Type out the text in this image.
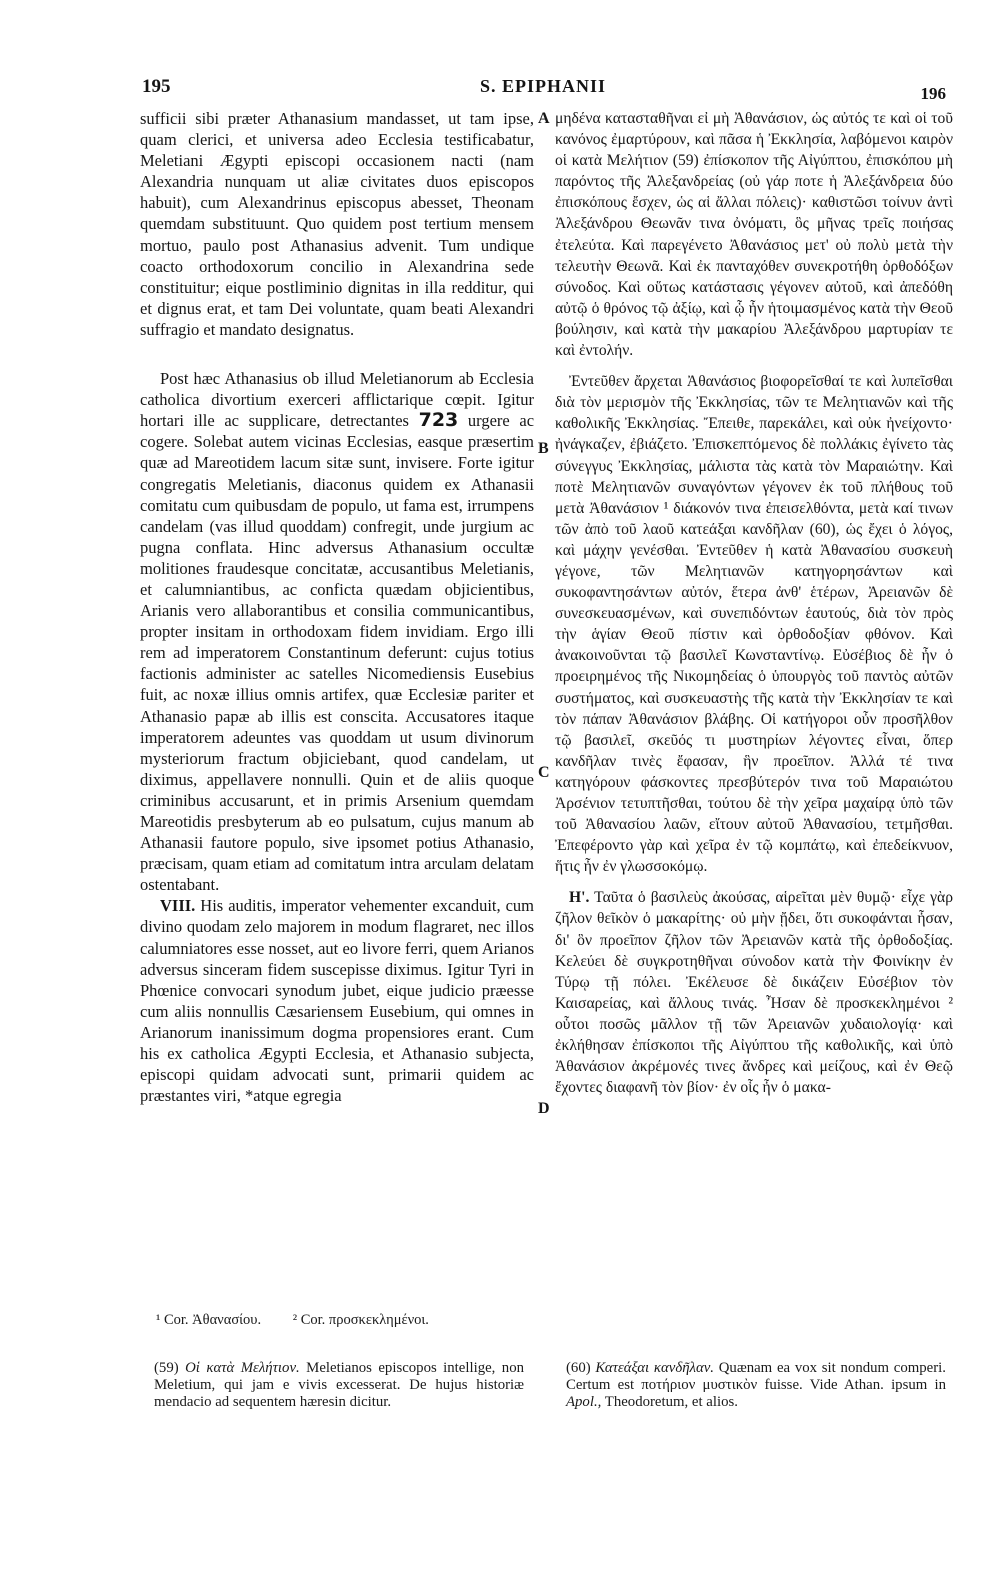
195	S. EPIPHANII	196

sufficii sibi præter Athanasium mandasset, ut tam ipse, quam clerici, et universa adeo Ecclesia testificabatur, Meletiani Ægypti episcopi occasionem nacti (nam Alexandria nunquam ut aliæ civitates duos episcopos habuit), cum Alexandrinus episcopus abesset, Theonam quemdam substituunt. Quo quidem post tertium mensem mortuo, paulo post Athanasius advenit. Tum undique coacto orthodoxorum concilio in Alexandrina sede constituitur; eique postliminio dignitas in illa redditur, qui et dignus erat, et tam Dei voluntate, quam beati Alexandri suffragio et mandato designatus.

Post hæc Athanasius ob illud Meletianorum ab Ecclesia catholica divortium exerceri afflictarique cœpit. Igitur hortari ille ac supplicare, detrectantes 723 urgere ac cogere. Solebat autem vicinas Ecclesias, easque præsertim quæ ad Mareotidem lacum sitæ sunt, invisere. Forte igitur congregatis Meletianis, diaconus quidem ex Athanasii comitatu cum quibusdam de populo, ut fama est, irrumpens candelam (vas illud quoddam) confregit, unde jurgium ac pugna conflata. Hinc adversus Athanasium occultæ molitiones fraudesque concitatæ, accusantibus Meletianis, et calumniantibus, ac conficta quædam objicientibus, Arianis vero allaborantibus et consilia communicantibus, propter insitam in orthodoxam fidem invidiam. Ergo illi rem ad imperatorem Constantinum deferunt: cujus totius factionis administer ac satelles Nicomediensis Eusebius fuit, ac noxæ illius omnis artifex, quæ Ecclesiæ pariter et Athanasio papæ ab illis est conscita. Accusatores itaque imperatorem adeuntes vas quoddam ut usum divinorum mysteriorum fractum objiciebant, quod candelam, ut diximus, appellavere nonnulli. Quin et de aliis quoque criminibus accusarunt, et in primis Arsenium quemdam Mareotidis presbyterum ab eo pulsatum, cujus manum ab Athanasii fautore populo, sive ipsomet potius Athanasio, præcisam, quam etiam ad comitatum intra arculam delatam ostentabant.

VIII. His auditis, imperator vehementer excanduit, cum divino quodam zelo majorem in modum flagraret, nec illos calumniatores esse nosset, aut eo livore ferri, quem Arianos adversus sinceram fidem suscepisse diximus. Igitur Tyri in Phœnice convocari synodum jubet, eique judicio præesse cum aliis nonnullis Cæsariensem Eusebium, qui omnes in Arianorum inanissimum dogma propensiores erant. Cum his ex catholica Ægypti Ecclesia, et Athanasio subjecta, episcopi quidam advocati sunt, primarii quidem ac præstantes viri, *atque egregia

A
B
C
D

μηδένα κατασταθῆναι εἰ μὴ Ἀθανάσιον, ὡς αὐτός τε καὶ οἱ τοῦ κανόνος ἐμαρτύρουν, καὶ πᾶσα ἡ Ἐκκλησία, λαβόμενοι καιρὸν οἱ κατὰ Μελήτιον (59) ἐπίσκοπον τῆς Αἰγύπτου, ἐπισκόπου μὴ παρόντος τῆς Ἀλεξανδρείας (οὐ γάρ ποτε ἡ Ἀλεξάνδρεια δύο ἐπισκόπους ἔσχεν, ὡς αἱ ἄλλαι πόλεις)· καθιστῶσι τοίνυν ἀντὶ Ἀλεξάνδρου Θεωνᾶν τινα ὀνόματι, ὃς μῆνας τρεῖς ποιήσας ἐτελεύτα. Καὶ παρεγένετο Ἀθανάσιος μετ' οὐ πολὺ μετὰ τὴν τελευτὴν Θεωνᾶ. Καὶ ἐκ πανταχόθεν συνεκροτήθη ὀρθοδόξων σύνοδος. Καὶ οὕτως κατάστασις γέγονεν αὐτοῦ, καὶ ἀπεδόθη αὐτῷ ὁ θρόνος τῷ ἀξίῳ, καὶ ᾧ ἦν ἡτοιμασμένος κατὰ τὴν Θεοῦ βούλησιν, καὶ κατὰ τὴν μακαρίου Ἀλεξάνδρου μαρτυρίαν τε καὶ ἐντολήν.

Ἐντεῦθεν ἄρχεται Ἀθανάσιος βιοφορεῖσθαί τε καὶ λυπεῖσθαι διὰ τὸν μερισμὸν τῆς Ἐκκλησίας, τῶν τε Μελητιανῶν καὶ τῆς καθολικῆς Ἐκκλησίας. Ἔπειθε, παρεκάλει, καὶ οὐκ ἠνείχοντο· ἠνάγκαζεν, ἐβιάζετο. Ἐπισκεπτόμενος δὲ πολλάκις ἐγίνετο τὰς σύνεγγυς Ἐκκλησίας, μάλιστα τὰς κατὰ τὸν Μαραιώτην. Καὶ ποτὲ Μελητιανῶν συναγόντων γέγονεν ἐκ τοῦ πλήθους τοῦ μετὰ Ἀθανάσιον ¹ διάκονόν τινα ἐπεισελθόντα, μετὰ καί τινων τῶν ἀπὸ τοῦ λαοῦ κατεάξαι κανδῆλαν (60), ὡς ἔχει ὁ λόγος, καὶ μάχην γενέσθαι. Ἐντεῦθεν ἡ κατὰ Ἀθανασίου συσκευὴ γέγονε, τῶν Μελητιανῶν κατηγορησάντων καὶ συκοφαντησάντων αὐτόν, ἕτερα ἀνθ' ἑτέρων, Ἀρειανῶν δὲ συνεσκευασμένων, καὶ συνεπιδόντων ἑαυτούς, διὰ τὸν πρὸς τὴν ἁγίαν Θεοῦ πίστιν καὶ ὀρθοδοξίαν φθόνον. Καὶ ἀνακοινοῦνται τῷ βασιλεῖ Κωνσταντίνῳ. Εὐσέβιος δὲ ἦν ὁ προειρημένος τῆς Νικομηδείας ὁ ὑπουργὸς τοῦ παντὸς αὐτῶν συστήματος, καὶ συσκευαστὴς τῆς κατὰ τὴν Ἐκκλησίαν τε καὶ τὸν πάπαν Ἀθανάσιον βλάβης. Οἱ κατήγοροι οὖν προσῆλθον τῷ βασιλεῖ, σκεῦός τι μυστηρίων λέγοντες εἶναι, ὅπερ κανδῆλαν τινὲς ἔφασαν, ἣν προεῖπον. Ἀλλά τέ τινα κατηγόρουν φάσκοντες πρεσβύτερόν τινα τοῦ Μαραιώτου Ἀρσένιον τετυπτῆσθαι, τούτου δὲ τὴν χεῖρα μαχαίρᾳ ὑπὸ τῶν τοῦ Ἀθανασίου λαῶν, εἴτουν αὐτοῦ Ἀθανασίου, τετμῆσθαι. Ἐπεφέροντο γὰρ καὶ χεῖρα ἐν τῷ κομπάτῳ, καὶ ἐπεδείκνυον, ἥτις ἦν ἐν γλωσσοκόμῳ.

Η'. Ταῦτα ὁ βασιλεὺς ἀκούσας, αἱρεῖται μὲν θυμῷ· εἶχε γὰρ ζῆλον θεῖκὸν ὁ μακαρίτης· οὐ μὴν ᾔδει, ὅτι συκοφάνται ἦσαν, δι' ὃν προεῖπον ζῆλον τῶν Ἀρειανῶν κατὰ τῆς ὀρθοδοξίας. Κελεύει δὲ συγκροτηθῆναι σύνοδον κατὰ τὴν Φοινίκην ἐν Τύρῳ τῇ πόλει. Ἐκέλευσε δὲ δικάζειν Εὐσέβιον τὸν Καισαρείας, καὶ ἄλλους τινάς. Ἦσαν δὲ προσκεκλημένοι ² οὗτοι ποσῶς μᾶλλον τῇ τῶν Ἀρειανῶν χυδαιολογίᾳ· καὶ ἐκλήθησαν ἐπίσκοποι τῆς Αἰγύπτου τῆς καθολικῆς, καὶ ὑπὸ Ἀθανάσιον ἀκρέμονές τινες ἄνδρες καὶ μείζους, καὶ ἐν Θεῷ ἔχοντες διαφανῆ τὸν βίον· ἐν οἷς ἦν ὁ μακα-

¹ Cor. Ἀθανασίου. ² Cor. προσκεκλημένοι.
(59) Οἱ κατὰ Μελήτιον. Meletianos episcopos intellige, non Meletium, qui jam e vivis excesserat. De hujus historiæ mendacio ad sequentem hæresin dicitur.
(60) Κατεάξαι κανδῆλαν. Quænam ea vox sit nondum comperi. Certum est ποτήριον μυστικὸν fuisse. Vide Athan. ipsum in Apol., Theodoretum, et alios.
